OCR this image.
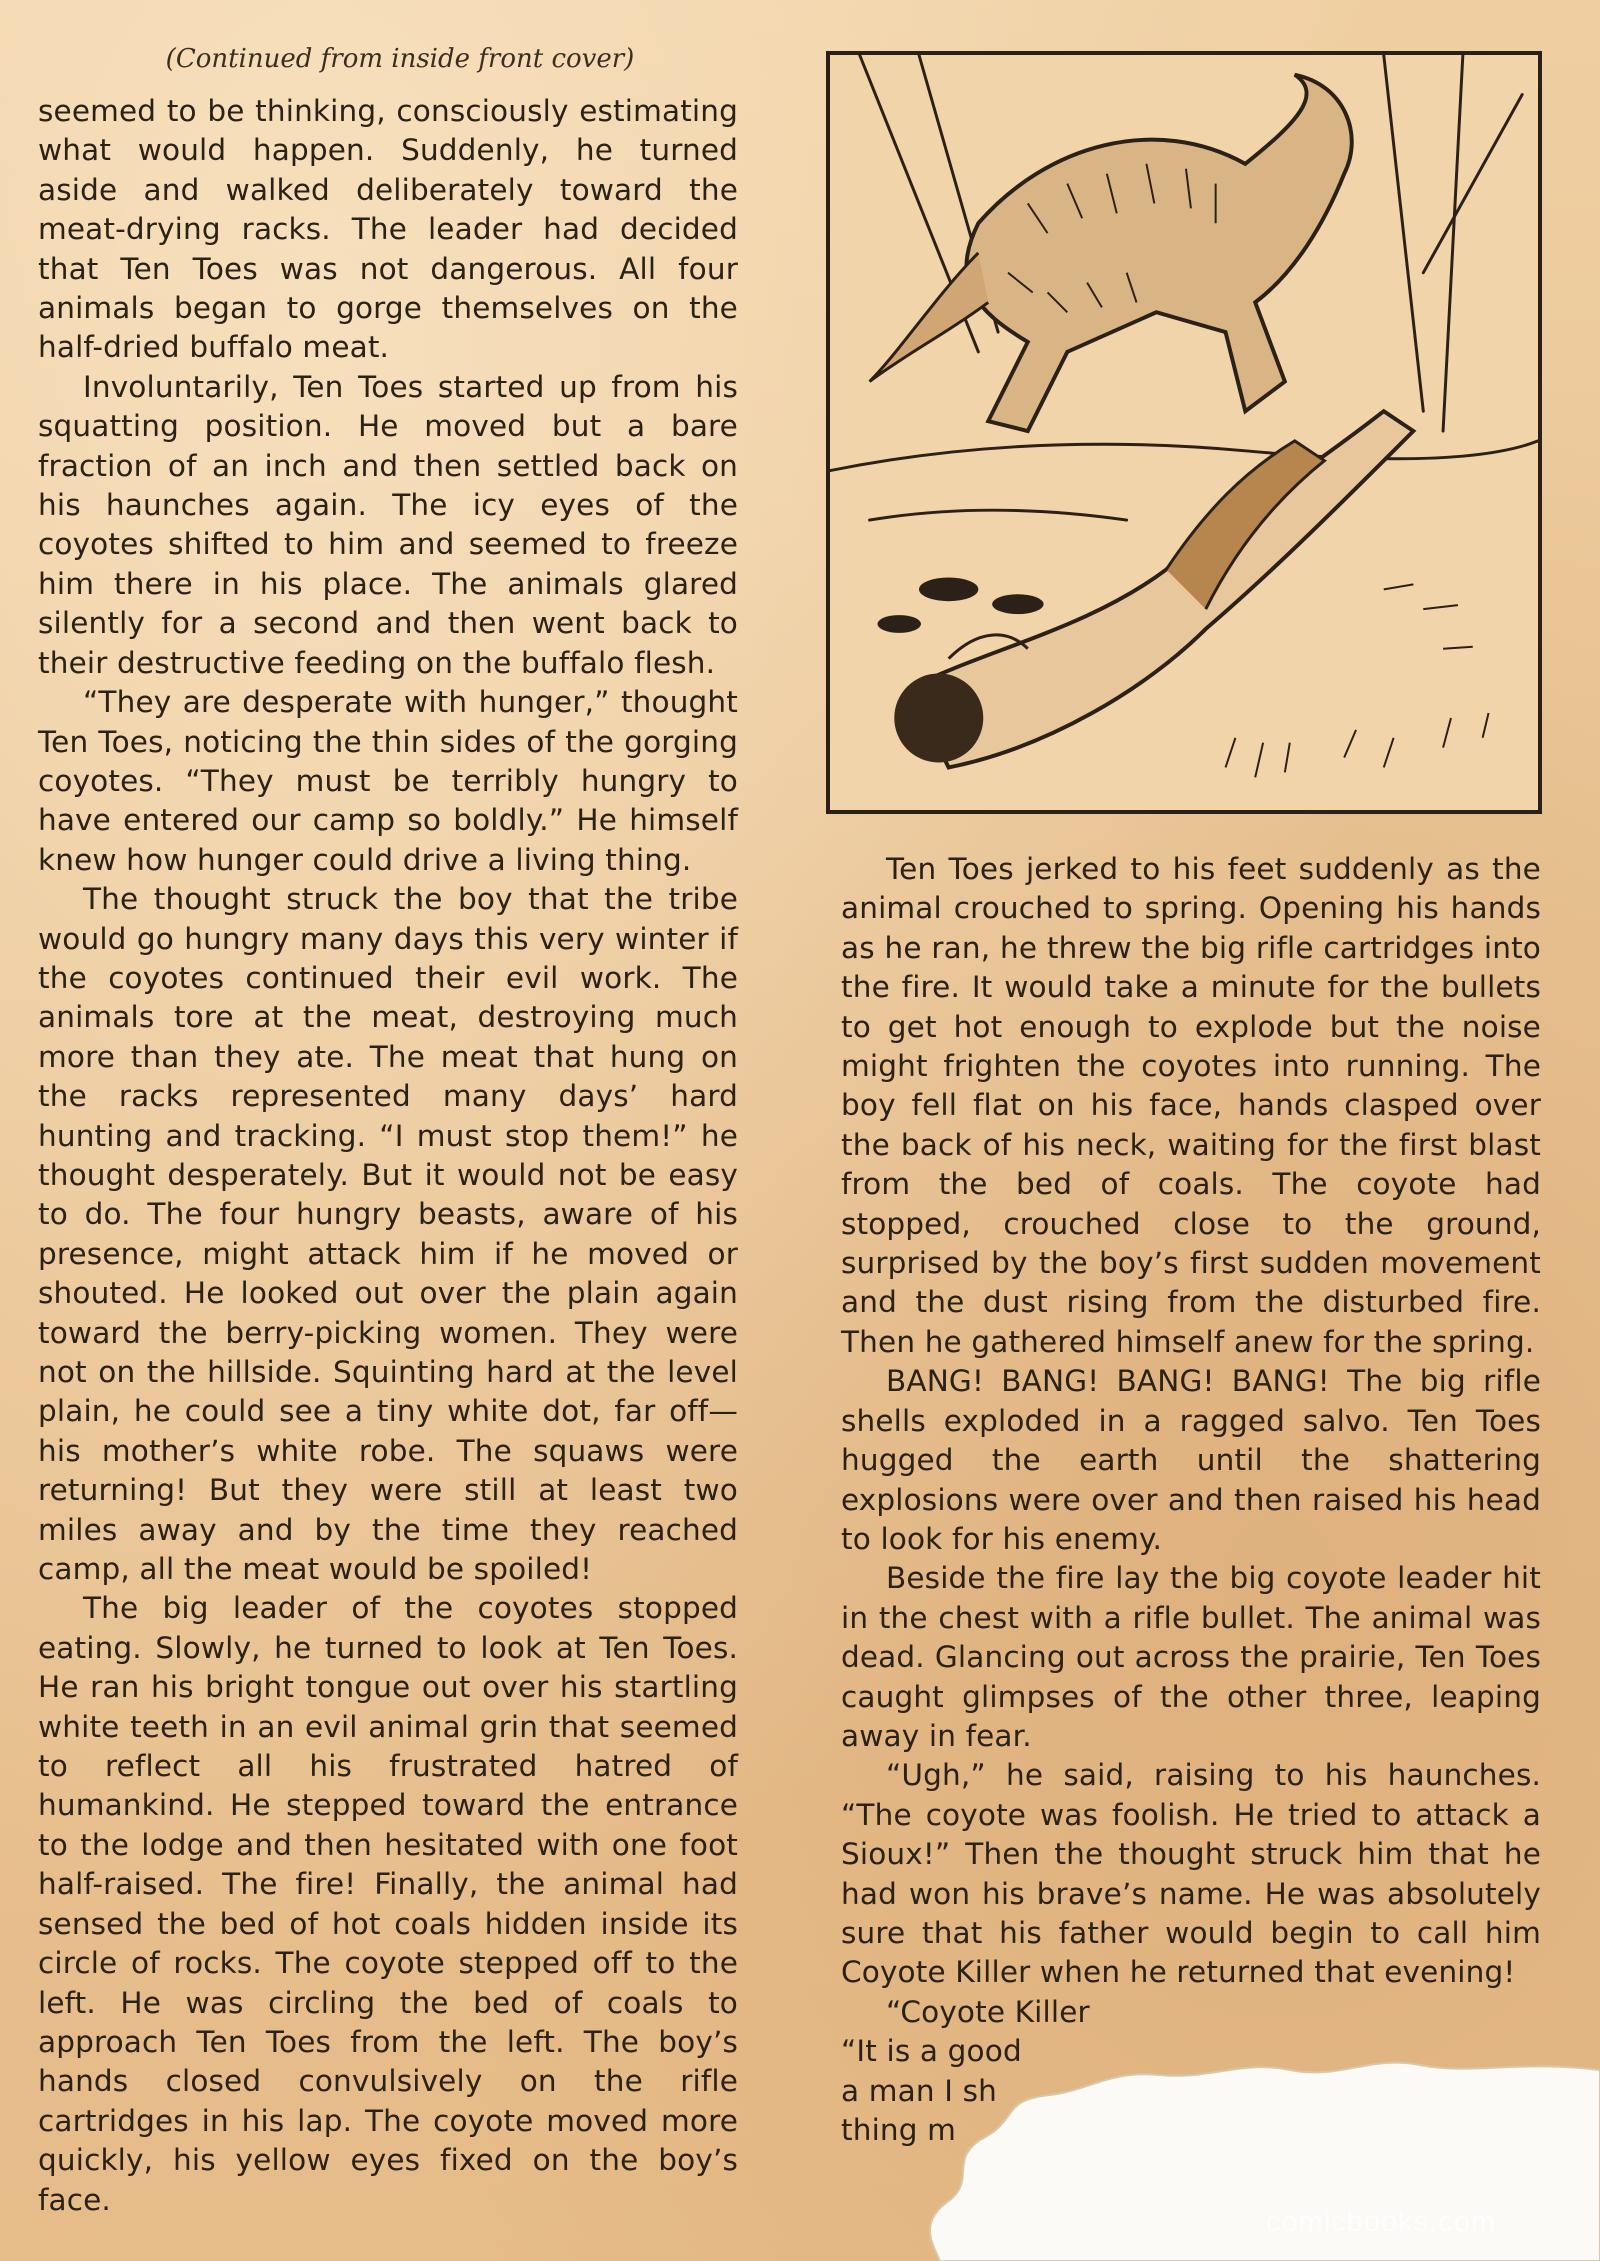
(Continued from inside front cover)

seemed to be thinking, consciously estimating what would happen. Suddenly, he turned aside and walked deliberately toward the meat-drying racks. The leader had decided that Ten Toes was not dangerous. All four animals began to gorge themselves on the half-dried buffalo meat.

Involuntarily, Ten Toes started up from his squatting position. He moved but a bare fraction of an inch and then settled back on his haunches again. The icy eyes of the coyotes shifted to him and seemed to freeze him there in his place. The animals glared silently for a second and then went back to their destructive feeding on the buffalo flesh.

“They are desperate with hunger,” thought Ten Toes, noticing the thin sides of the gorging coyotes. “They must be terribly hungry to have entered our camp so boldly.” He himself knew how hunger could drive a living thing.

The thought struck the boy that the tribe would go hungry many days this very winter if the coyotes continued their evil work. The animals tore at the meat, destroying much more than they ate. The meat that hung on the racks represented many days’ hard hunting and tracking. “I must stop them!” he thought desperately. But it would not be easy to do. The four hungry beasts, aware of his presence, might attack him if he moved or shouted. He looked out over the plain again toward the berry-picking women. They were not on the hillside. Squinting hard at the level plain, he could see a tiny white dot, far off—his mother’s white robe. The squaws were returning! But they were still at least two miles away and by the time they reached camp, all the meat would be spoiled!

The big leader of the coyotes stopped eating. Slowly, he turned to look at Ten Toes. He ran his bright tongue out over his startling white teeth in an evil animal grin that seemed to reflect all his frustrated hatred of humankind. He stepped toward the entrance to the lodge and then hesitated with one foot half-raised. The fire! Finally, the animal had sensed the bed of hot coals hidden inside its circle of rocks. The coyote stepped off to the left. He was circling the bed of coals to approach Ten Toes from the left. The boy’s hands closed convulsively on the rifle cartridges in his lap. The coyote moved more quickly, his yellow eyes fixed on the boy’s face.

Ten Toes jerked to his feet suddenly as the animal crouched to spring. Opening his hands as he ran, he threw the big rifle cartridges into the fire. It would take a minute for the bullets to get hot enough to explode but the noise might frighten the coyotes into running. The boy fell flat on his face, hands clasped over the back of his neck, waiting for the first blast from the bed of coals. The coyote had stopped, crouched close to the ground, surprised by the boy’s first sudden movement and the dust rising from the disturbed fire. Then he gathered himself anew for the spring.

BANG! BANG! BANG! BANG! The big rifle shells exploded in a ragged salvo. Ten Toes hugged the earth until the shattering explosions were over and then raised his head to look for his enemy.

Beside the fire lay the big coyote leader hit in the chest with a rifle bullet. The animal was dead. Glancing out across the prairie, Ten Toes caught glimpses of the other three, leaping away in fear.

“Ugh,” he said, raising to his haunches. “The coyote was foolish. He tried to attack a Sioux!” Then the thought struck him that he had won his brave’s name. He was absolutely sure that his father would begin to call him Coyote Killer when he returned that evening!

“Coyote Killer

“It is a good

a man I sh

thing m

comicbooks.com
